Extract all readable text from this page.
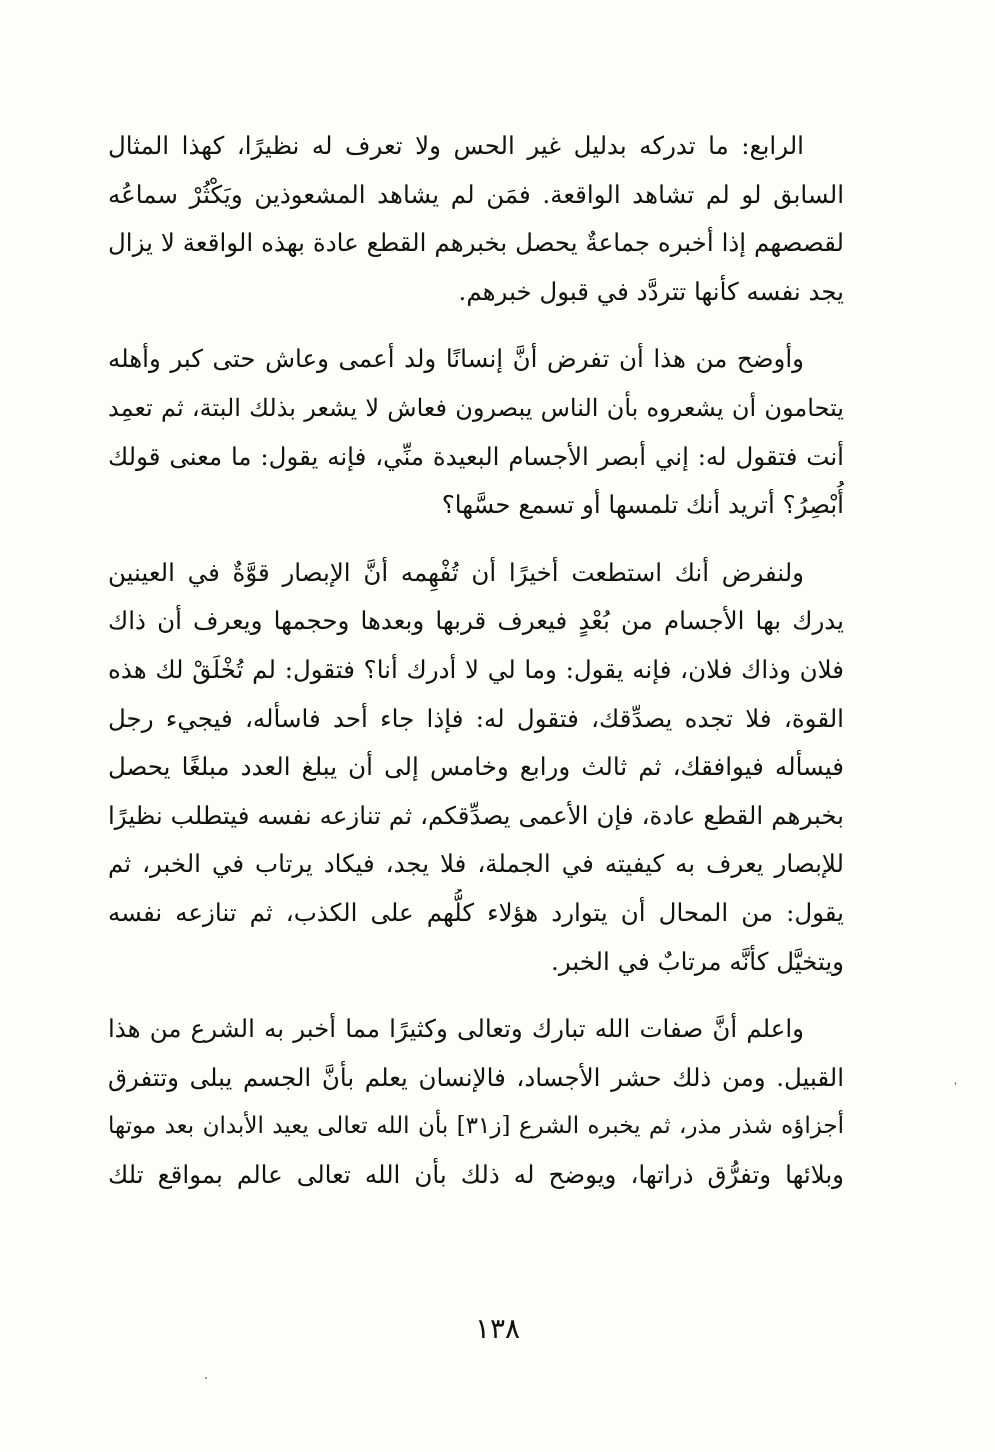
الرابع: ما تدركه بدليل غير الحس ولا تعرف له نظيرًا، كهذا المثال
السابق لو لم تشاهد الواقعة. فمَن لم يشاهد المشعوذين ويَكْثُرْ سماعُه
لقصصهم إذا أخبره جماعةٌ يحصل بخبرهم القطع عادة بهذه الواقعة لا يزال
يجد نفسه كأنها تتردَّد في قبول خبرهم.
وأوضح من هذا أن تفرض أنَّ إنسانًا ولد أعمى وعاش حتى كبر وأهله
يتحامون أن يشعروه بأن الناس يبصرون فعاش لا يشعر بذلك البتة، ثم تعمِد
أنت فتقول له: إني أبصر الأجسام البعيدة منِّي، فإنه يقول: ما معنى قولك
أُبْصِرُ؟ أتريد أنك تلمسها أو تسمع حسَّها؟
ولنفرض أنك استطعت أخيرًا أن تُفْهِمه أنَّ الإبصار قوَّةٌ في العينين
يدرك بها الأجسام من بُعْدٍ فيعرف قربها وبعدها وحجمها ويعرف أن ذاك
فلان وذاك فلان، فإنه يقول: وما لي لا أدرك أنا؟ فتقول: لم تُخْلَقْ لك هذه
القوة، فلا تجده يصدِّقك، فتقول له: فإذا جاء أحد فاسأله، فيجيء رجل
فيسأله فيوافقك، ثم ثالث ورابع وخامس إلى أن يبلغ العدد مبلغًا يحصل
بخبرهم القطع عادة، فإن الأعمى يصدِّقكم، ثم تنازعه نفسه فيتطلب نظيرًا
للإبصار يعرف به كيفيته في الجملة، فلا يجد، فيكاد يرتاب في الخبر، ثم
يقول: من المحال أن يتوارد هؤلاء كلُّهم على الكذب، ثم تنازعه نفسه
ويتخيَّل كأنَّه مرتابٌ في الخبر.
واعلم أنَّ صفات الله تبارك وتعالى وكثيرًا مما أخبر به الشرع من هذا
القبيل. ومن ذلك حشر الأجساد، فالإنسان يعلم بأنَّ الجسم يبلى وتتفرق
أجزاؤه شذر مذر، ثم يخبره الشرع [ز٣١] بأن الله تعالى يعيد الأبدان بعد موتها
وبلائها وتفرُّق ذراتها، ويوضح له ذلك بأن الله تعالى عالم بمواقع تلك
١٣٨
